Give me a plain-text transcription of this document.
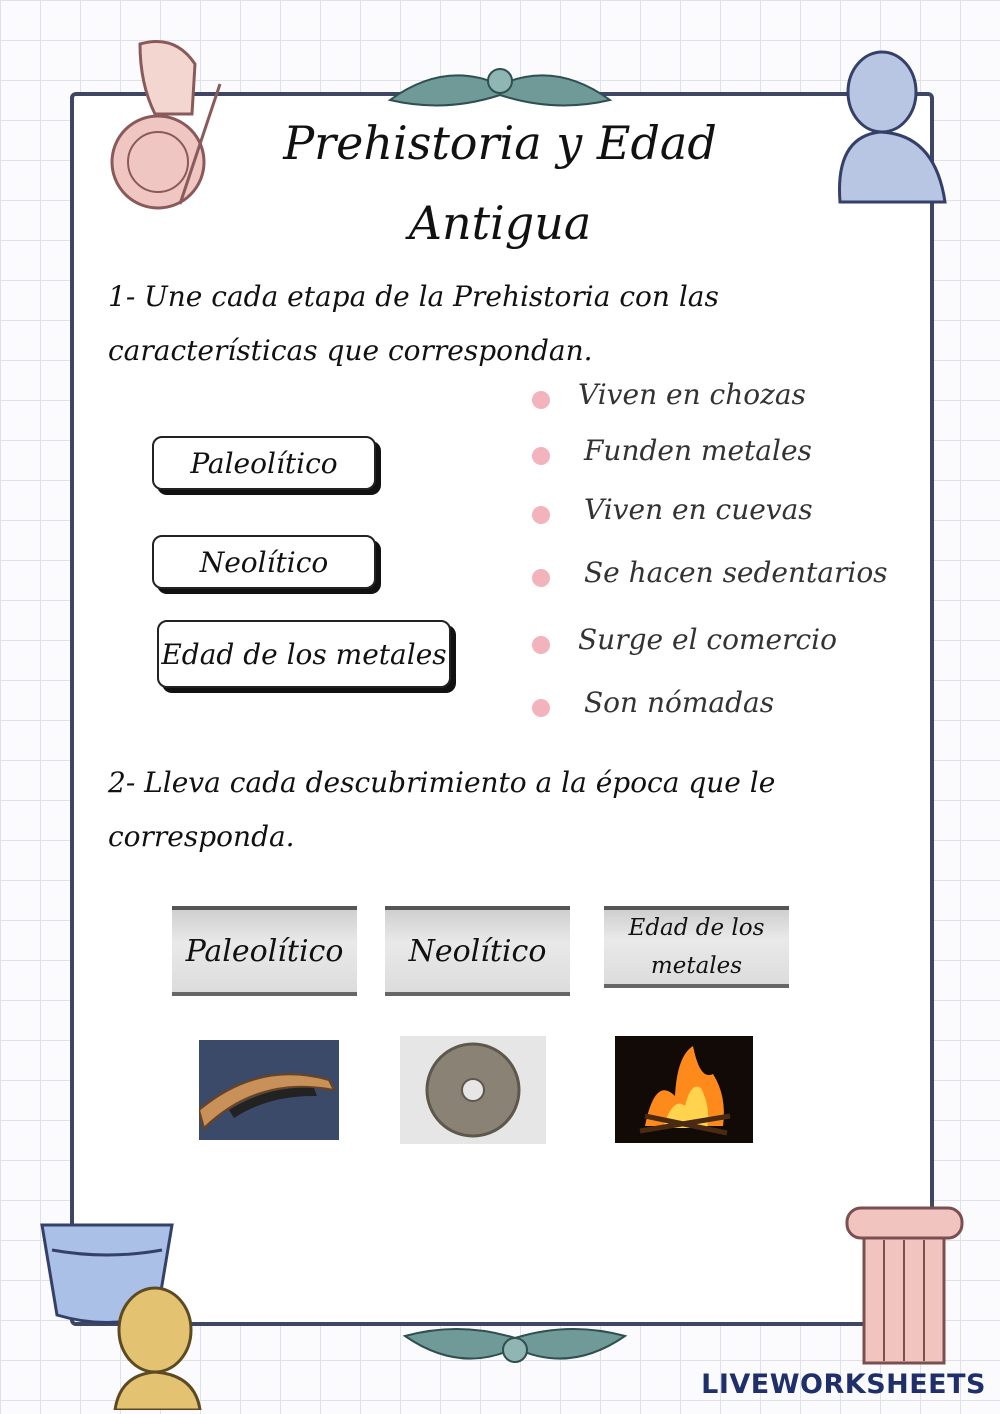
Prehistoria y Edad
Antigua
1- Une cada etapa de la Prehistoria con las
características que correspondan.
Paleolítico
Neolítico
Edad de los metales
Viven en chozas
Funden metales
Viven en cuevas
Se hacen sedentarios
Surge el comercio
Son nómadas
2- Lleva cada descubrimiento a la época que le
corresponda.
Paleolítico	Neolítico
Edad de los metales
LIVEWORKSHEETS
